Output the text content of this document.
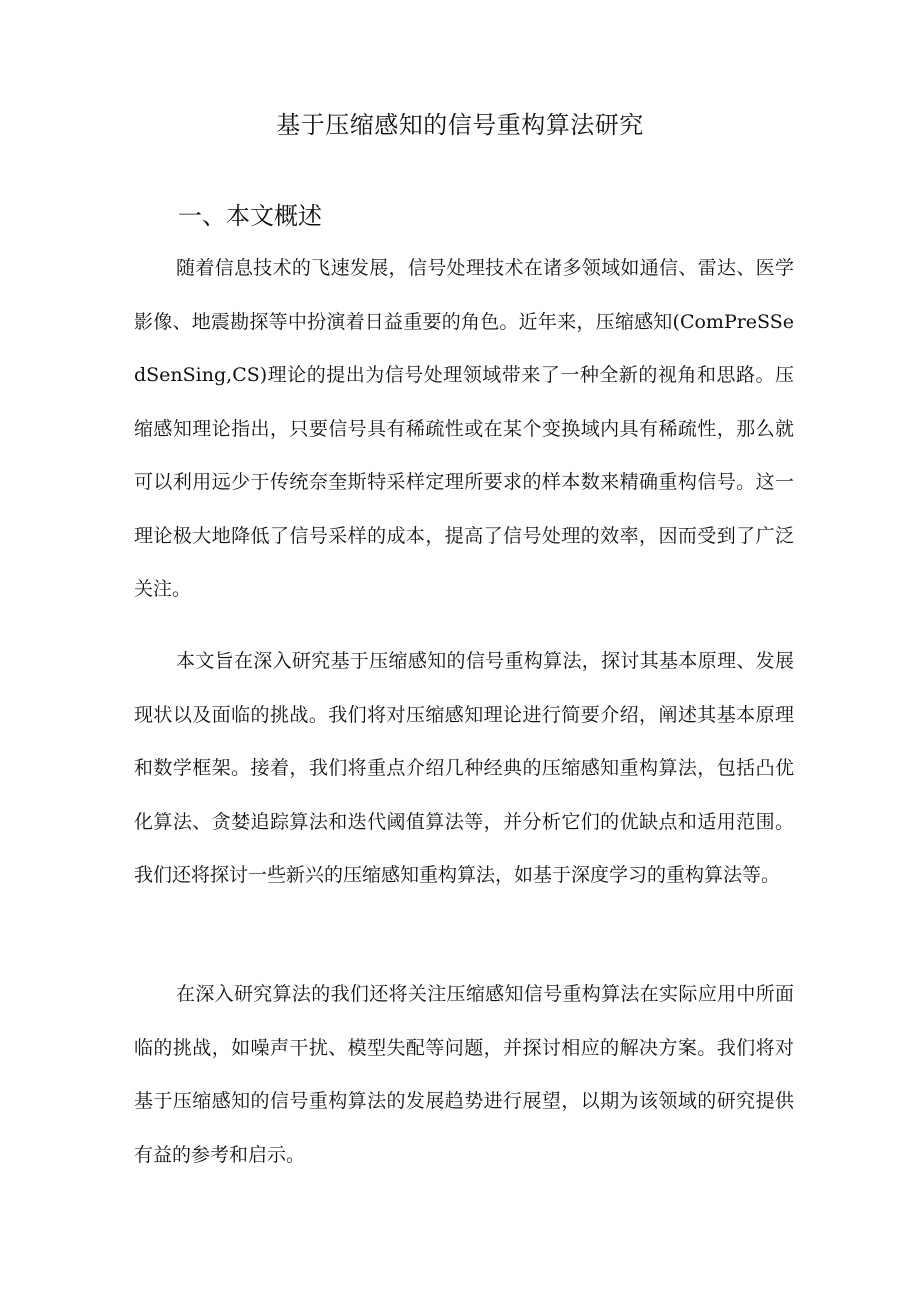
基于压缩感知的信号重构算法研究
一、本文概述

随着信息技术的飞速发展，信号处理技术在诸多领域如通信、雷达、医学影像、地震勘探等中扮演着日益重要的角色。近年来，压缩感知(ComPreSSedSenSing,CS)理论的提出为信号处理领域带来了一种全新的视角和思路。压缩感知理论指出，只要信号具有稀疏性或在某个变换域内具有稀疏性，那么就可以利用远少于传统奈奎斯特采样定理所要求的样本数来精确重构信号。这一理论极大地降低了信号采样的成本，提高了信号处理的效率，因而受到了广泛关注。

本文旨在深入研究基于压缩感知的信号重构算法，探讨其基本原理、发展现状以及面临的挑战。我们将对压缩感知理论进行简要介绍，阐述其基本原理和数学框架。接着，我们将重点介绍几种经典的压缩感知重构算法，包括凸优化算法、贪婪追踪算法和迭代阈值算法等，并分析它们的优缺点和适用范围。我们还将探讨一些新兴的压缩感知重构算法，如基于深度学习的重构算法等。

在深入研究算法的我们还将关注压缩感知信号重构算法在实际应用中所面临的挑战，如噪声干扰、模型失配等问题，并探讨相应的解决方案。我们将对基于压缩感知的信号重构算法的发展趋势进行展望，以期为该领域的研究提供有益的参考和启示。
